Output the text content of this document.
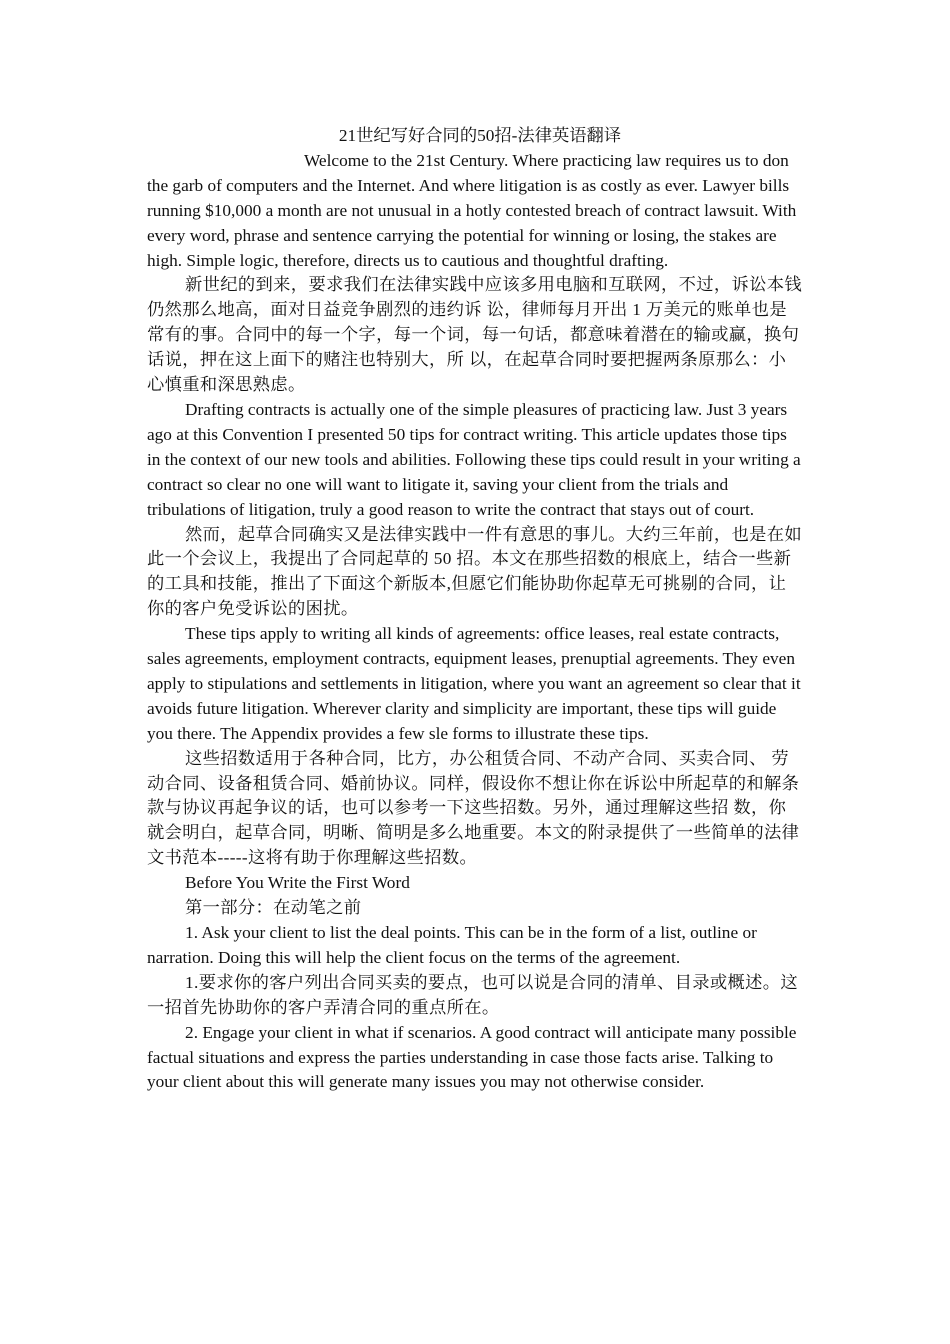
21世纪写好合同的50招-法律英语翻译

Welcome to the 21st Century. Where practicing law requires us to don the garb of computers and the Internet. And where litigation is as costly as ever. Lawyer bills running $10,000 a month are not unusual in a hotly contested breach of contract lawsuit. With every word, phrase and sentence carrying the potential for winning or losing, the stakes are high. Simple logic, therefore, directs us to cautious and thoughtful drafting.

新世纪的到来，要求我们在法律实践中应该多用电脑和互联网，不过，诉讼本钱仍然那么地高，面对日益竞争剧烈的违约诉 讼，律师每月开出 1 万美元的账单也是常有的事。合同中的每一个字，每一个词，每一句话，都意味着潜在的输或赢，换句话说，押在这上面下的赌注也特别大，所 以，在起草合同时要把握两条原那么：小心慎重和深思熟虑。

Drafting contracts is actually one of the simple pleasures of practicing law. Just 3 years ago at this Convention I presented 50 tips for contract writing. This article updates those tips in the context of our new tools and abilities. Following these tips could result in your writing a contract so clear no one will want to litigate it, saving your client from the trials and tribulations of litigation, truly a good reason to write the contract that stays out of court.

然而，起草合同确实又是法律实践中一件有意思的事儿。大约三年前，也是在如此一个会议上，我提出了合同起草的 50 招。本文在那些招数的根底上，结合一些新的工具和技能，推出了下面这个新版本,但愿它们能协助你起草无可挑剔的合同，让你的客户免受诉讼的困扰。

These tips apply to writing all kinds of agreements: office leases, real estate contracts, sales agreements, employment contracts, equipment leases, prenuptial agreements. They even apply to stipulations and settlements in litigation, where you want an agreement so clear that it avoids future litigation. Wherever clarity and simplicity are important, these tips will guide you there. The Appendix provides a few sle forms to illustrate these tips.

这些招数适用于各种合同，比方，办公租赁合同、不动产合同、买卖合同、 劳动合同、设备租赁合同、婚前协议。同样，假设你不想让你在诉讼中所起草的和解条款与协议再起争议的话，也可以参考一下这些招数。另外，通过理解这些招 数，你就会明白，起草合同，明晰、简明是多么地重要。本文的附录提供了一些简单的法律文书范本-----这将有助于你理解这些招数。

Before You Write the First Word

第一部分：在动笔之前

1. Ask your client to list the deal points. This can be in the form of a list, outline or narration. Doing this will help the client focus on the terms of the agreement.

1.要求你的客户列出合同买卖的要点，也可以说是合同的清单、目录或概述。这一招首先协助你的客户弄清合同的重点所在。

2. Engage your client in what if scenarios. A good contract will anticipate many possible factual situations and express the parties understanding in case those facts arise. Talking to your client about this will generate many issues you may not otherwise consider.
